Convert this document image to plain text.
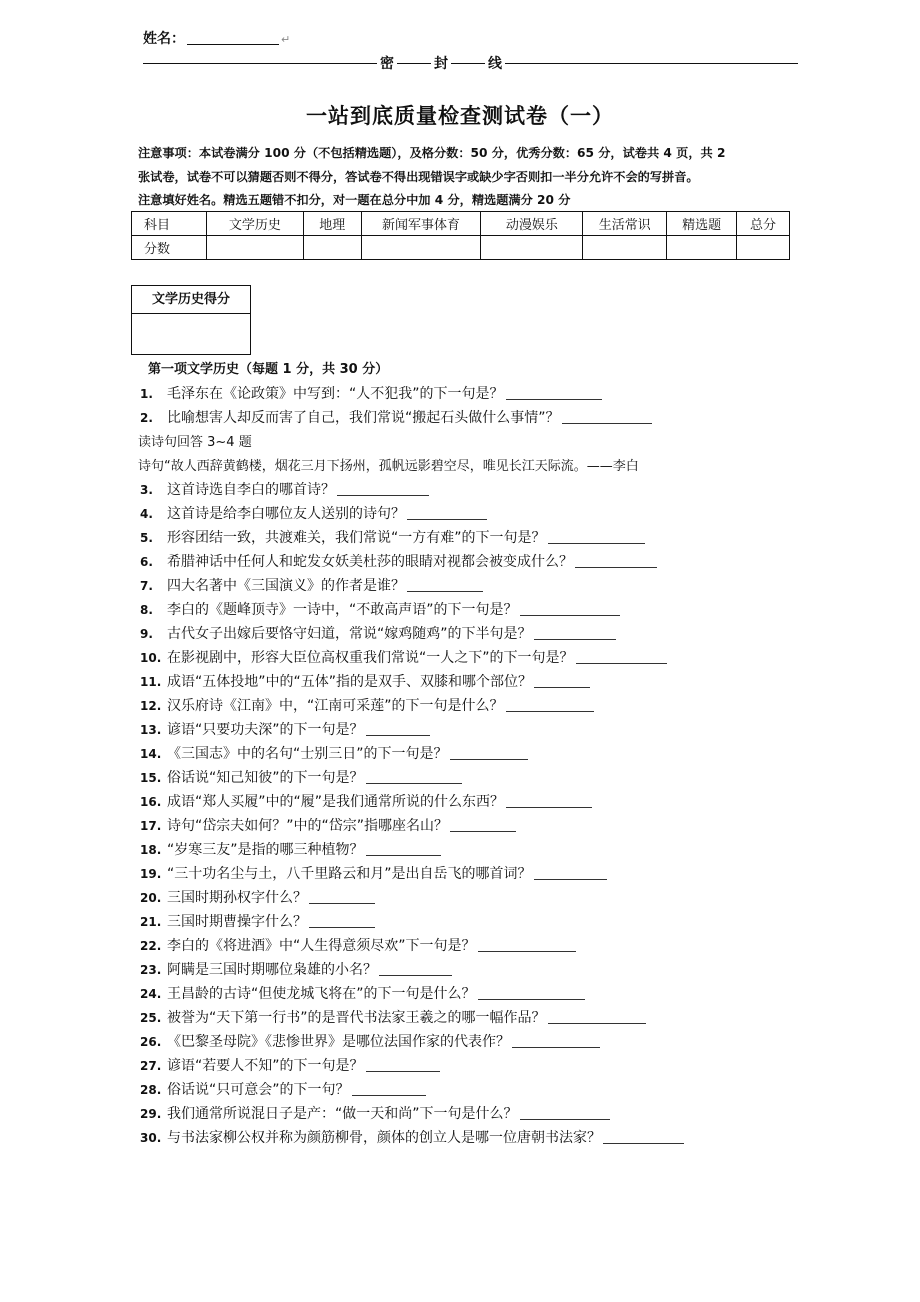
姓名：	↵
密	封	线
一站到底质量检查测试卷（一）
注意事项：本试卷满分 100 分（不包括精选题），及格分数：50 分，优秀分数：65 分，试卷共 4 页，共 2
张试卷，试卷不可以猜题否则不得分，答试卷不得出现错误字或缺少字否则扣一半分允许不会的写拼音。
注意填好姓名。精选五题错不扣分，对一题在总分中加 4 分，精选题满分 20 分
科目	文学历史	地理	新闻军事体育	动漫娱乐	生活常识	精选题	总分
分数							
文学历史得分
第一项文学历史（每题 1 分，共 30 分）
1. 毛泽东在《论政策》中写到：“人不犯我”的下一句是？
2. 比喻想害人却反而害了自己，我们常说“搬起石头做什么事情”？
3. 这首诗选自李白的哪首诗？
4. 这首诗是给李白哪位友人送别的诗句？
5. 形容团结一致，共渡难关，我们常说“一方有难”的下一句是？
6. 希腊神话中任何人和蛇发女妖美杜莎的眼睛对视都会被变成什么？
7. 四大名著中《三国演义》的作者是谁？
8. 李白的《题峰顶寺》一诗中，“不敢高声语”的下一句是？
9. 古代女子出嫁后要恪守妇道，常说“嫁鸡随鸡”的下半句是？
10. 在影视剧中，形容大臣位高权重我们常说“一人之下”的下一句是？
11. 成语“五体投地”中的“五体”指的是双手、双膝和哪个部位？
12. 汉乐府诗《江南》中，“江南可采莲”的下一句是什么？
13. 谚语“只要功夫深”的下一句是？
14. 《三国志》中的名句“士别三日”的下一句是？
15. 俗话说“知己知彼”的下一句是？
16. 成语“郑人买履”中的“履”是我们通常所说的什么东西？
17. 诗句“岱宗夫如何？”中的“岱宗”指哪座名山？
18. “岁寒三友”是指的哪三种植物？
19. “三十功名尘与土，八千里路云和月”是出自岳飞的哪首词？
20. 三国时期孙权字什么？
21. 三国时期曹操字什么？
22. 李白的《将进酒》中“人生得意须尽欢”下一句是？
23. 阿瞒是三国时期哪位枭雄的小名？
24. 王昌龄的古诗“但使龙城飞将在”的下一句是什么？
25. 被誉为“天下第一行书”的是晋代书法家王羲之的哪一幅作品？
26. 《巴黎圣母院》《悲惨世界》是哪位法国作家的代表作？
27. 谚语“若要人不知”的下一句是？
28. 俗话说“只可意会”的下一句？
29. 我们通常所说混日子是产：“做一天和尚”下一句是什么？
30. 与书法家柳公权并称为颜筋柳骨，颜体的创立人是哪一位唐朝书法家？
读诗句回答 3~4 题
诗句“故人西辞黄鹤楼，烟花三月下扬州，孤帆远影碧空尽，唯见长江天际流。——李白
